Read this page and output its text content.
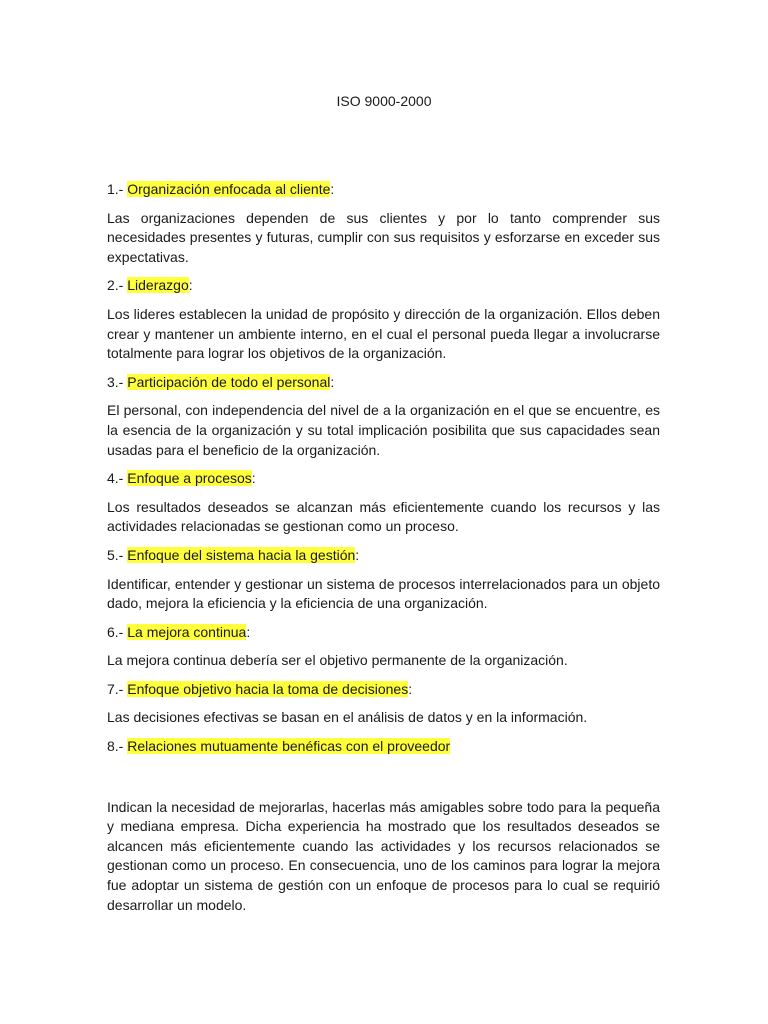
ISO 9000-2000
1.- Organización enfocada al cliente:

Las organizaciones dependen de sus clientes y por lo tanto comprender sus necesidades presentes y futuras, cumplir con sus requisitos y esforzarse en exceder sus expectativas.

2.- Liderazgo:

Los lideres establecen la unidad de propósito y dirección de la organización. Ellos deben crear y mantener un ambiente interno, en el cual el personal pueda llegar a involucrarse totalmente para lograr los objetivos de la organización.

3.- Participación de todo el personal:

El personal, con independencia del nivel de a la organización en el que se encuentre, es la esencia de la organización y su total implicación posibilita que sus capacidades sean usadas para el beneficio de la organización.

4.- Enfoque a procesos:

Los resultados deseados se alcanzan más eficientemente cuando los recursos y las actividades relacionadas se gestionan como un proceso.

5.- Enfoque del sistema hacia la gestión:

Identificar, entender y gestionar un sistema de procesos interrelacionados para un objeto dado, mejora la eficiencia y la eficiencia de una organización.

6.- La mejora continua:

La mejora continua debería ser el objetivo permanente de la organización.

7.- Enfoque objetivo hacia la toma de decisiones:

Las decisiones efectivas se basan en el análisis de datos y en la información.

8.- Relaciones mutuamente benéficas con el proveedor

Indican la necesidad de mejorarlas, hacerlas más amigables sobre todo para la pequeña y mediana empresa. Dicha experiencia ha mostrado que los resultados deseados se alcancen más eficientemente cuando las actividades y los recursos relacionados se gestionan como un proceso. En consecuencia, uno de los caminos para lograr la mejora fue adoptar un sistema de gestión con un enfoque de procesos para lo cual se requirió desarrollar un modelo.
